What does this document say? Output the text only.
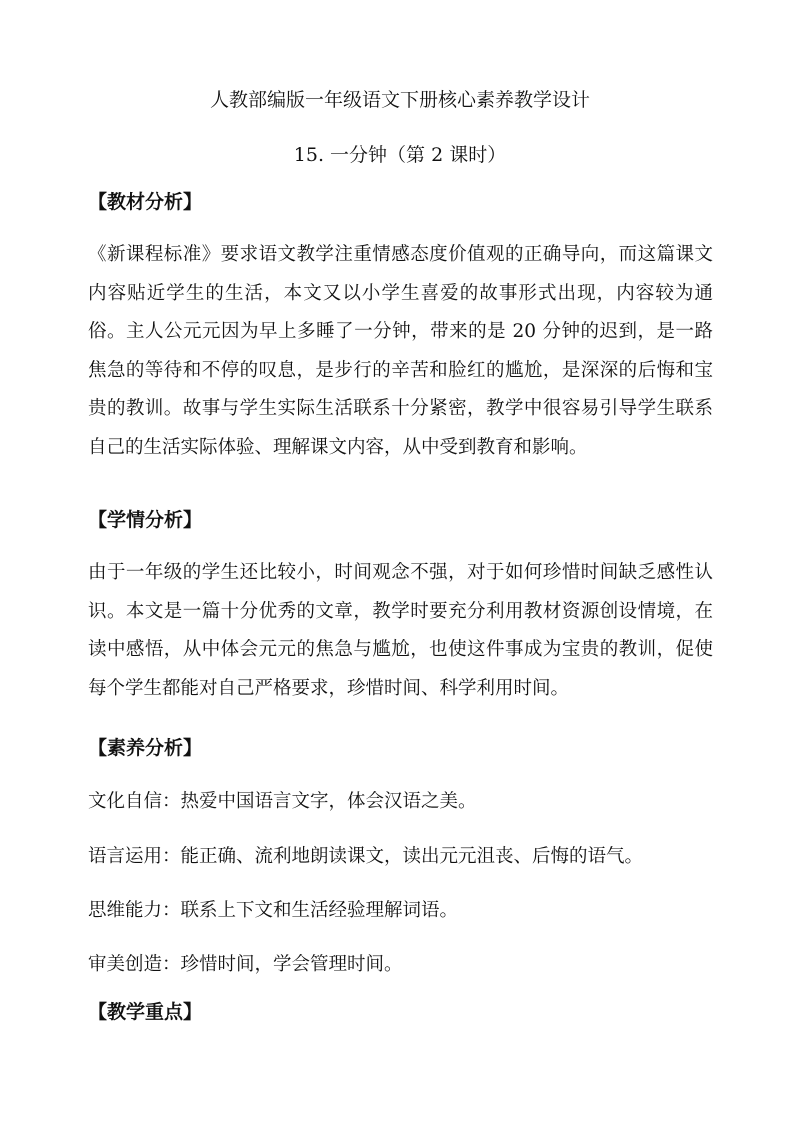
人教部编版一年级语文下册核心素养教学设计
15. 一分钟（第 2 课时）
【教材分析】

《新课程标准》要求语文教学注重情感态度价值观的正确导向，而这篇课文内容贴近学生的生活，本文又以小学生喜爱的故事形式出现，内容较为通俗。主人公元元因为早上多睡了一分钟，带来的是 20 分钟的迟到，是一路焦急的等待和不停的叹息，是步行的辛苦和脸红的尴尬，是深深的后悔和宝贵的教训。故事与学生实际生活联系十分紧密，教学中很容易引导学生联系自己的生活实际体验、理解课文内容，从中受到教育和影响。

【学情分析】

由于一年级的学生还比较小，时间观念不强，对于如何珍惜时间缺乏感性认识。本文是一篇十分优秀的文章，教学时要充分利用教材资源创设情境，在读中感悟，从中体会元元的焦急与尴尬，也使这件事成为宝贵的教训，促使每个学生都能对自己严格要求，珍惜时间、科学利用时间。

【素养分析】

文化自信：热爱中国语言文字，体会汉语之美。

语言运用：能正确、流利地朗读课文，读出元元沮丧、后悔的语气。

思维能力：联系上下文和生活经验理解词语。

审美创造：珍惜时间，学会管理时间。

【教学重点】
